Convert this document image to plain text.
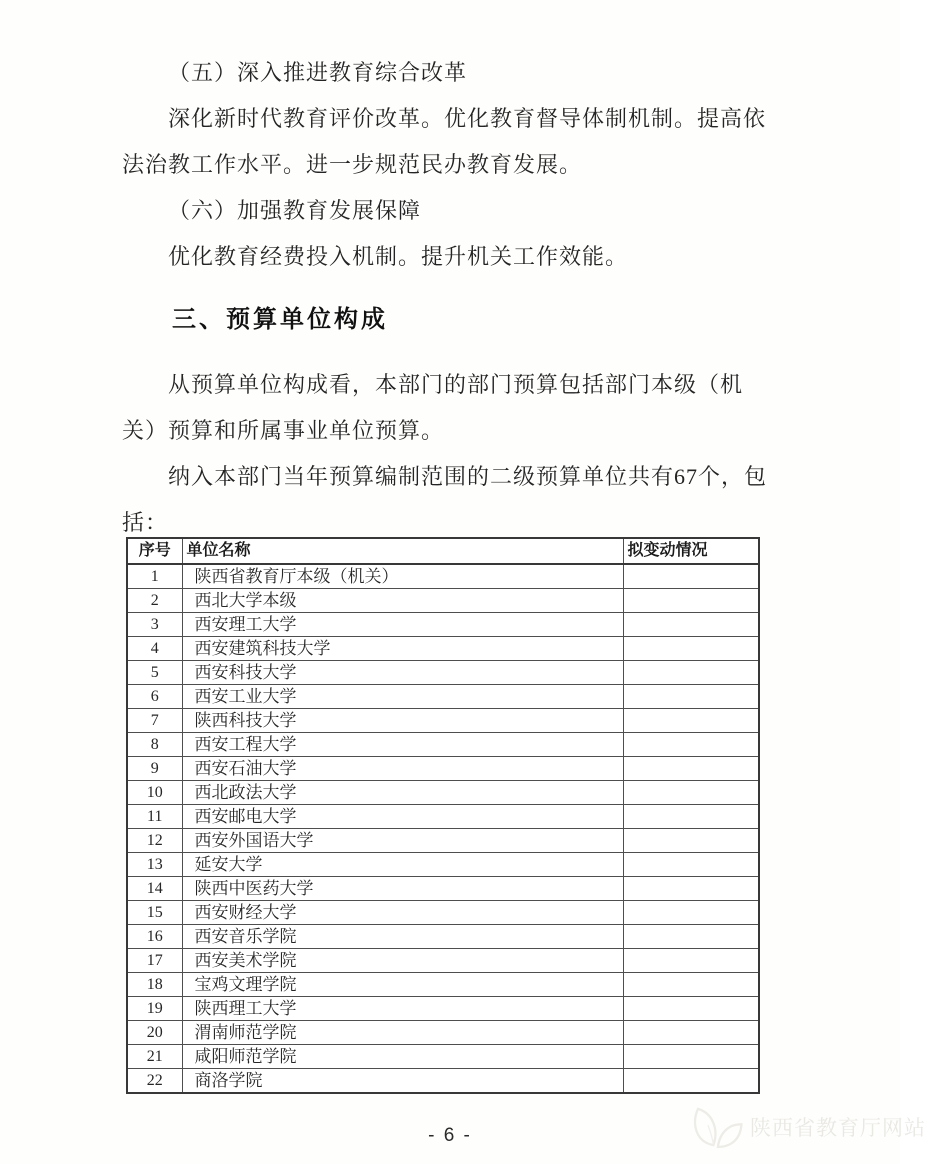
（五）深入推进教育综合改革
深化新时代教育评价改革。优化教育督导体制机制。提高依
法治教工作水平。进一步规范民办教育发展。
（六）加强教育发展保障
优化教育经费投入机制。提升机关工作效能。
三、预算单位构成
从预算单位构成看，本部门的部门预算包括部门本级（机
关）预算和所属事业单位预算。
纳入本部门当年预算编制范围的二级预算单位共有67个，包
括：
序号	单位名称	拟变动情况
1	陕西省教育厅本级（机关）	
2	西北大学本级	
3	西安理工大学	
4	西安建筑科技大学	
5	西安科技大学	
6	西安工业大学	
7	陕西科技大学	
8	西安工程大学	
9	西安石油大学	
10	西北政法大学	
11	西安邮电大学	
12	西安外国语大学	
13	延安大学	
14	陕西中医药大学	
15	西安财经大学	
16	西安音乐学院	
17	西安美术学院	
18	宝鸡文理学院	
19	陕西理工大学	
20	渭南师范学院	
21	咸阳师范学院	
22	商洛学院	
- 6 -	陕西省教育厅网站
